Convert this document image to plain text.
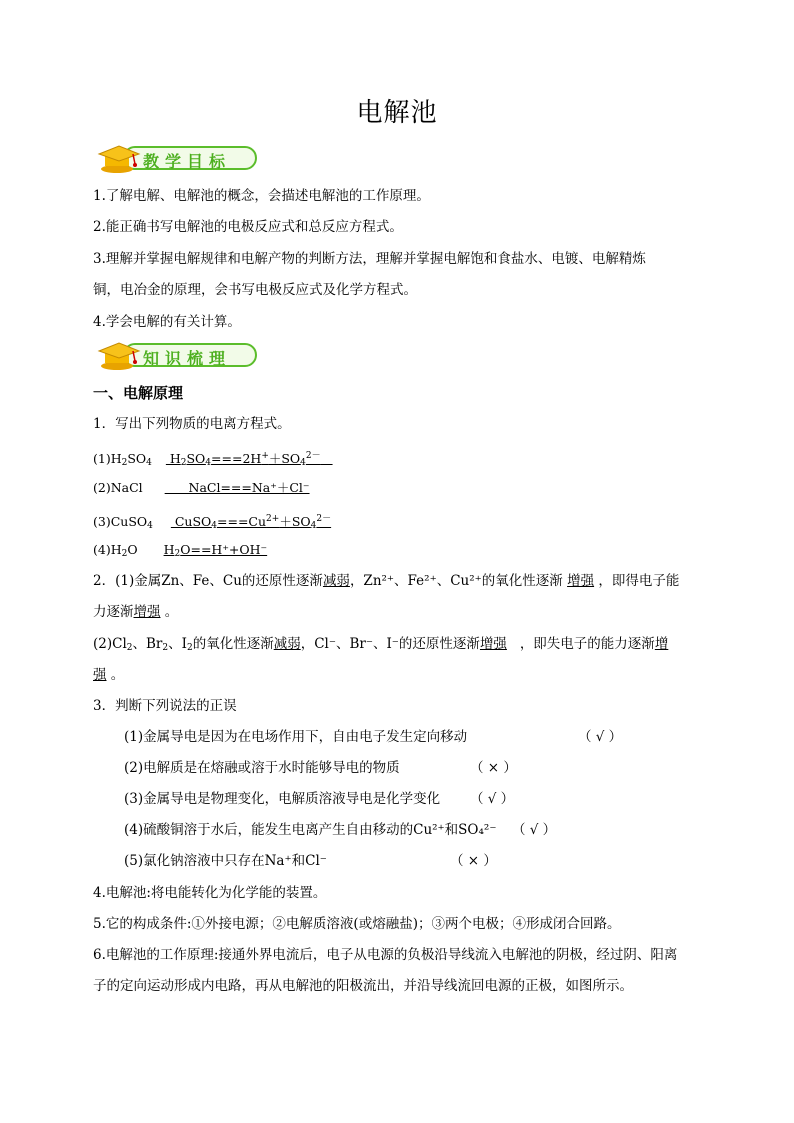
电解池
教学目标
1.了解电解、电解池的概念，会描述电解池的工作原理。
2.能正确书写电解池的电极反应式和总反应方程式。
3.理解并掌握电解规律和电解产物的判断方法，理解并掌握电解饱和食盐水、电镀、电解精炼
铜，电冶金的原理，会书写电极反应式及化学方程式。
4.学会电解的有关计算。
知识梳理
一、电解原理
1．写出下列物质的电离方程式。
$(1)H_2SO_4$  $H_2SO_4===2H^++SO_4^{2-}$
(2)NaCl	NaCl===Na⁺＋Cl⁻
(3)CuSO$_4$  $CuSO_4===Cu^{2+}+SO_4^{2-}$
$(4)H_2O$ $H_2O==H^++OH^-$
2．(1)金属Zn、Fe、Cu的还原性逐渐减弱，Zn²⁺、Fe²⁺、Cu²⁺的氧化性逐渐 增强 ，即得电子能
力逐渐增强 。
$(2)Cl_2$、$Br_2$、$I_2$的氧化性逐渐减弱，Cl⁻、Br⁻、I⁻的还原性逐渐增强 ，即失电子的能力逐渐增
强 。
3．判断下列说法的正误
(1)金属导电是因为在电场作用下，自由电子发生定向移动	（ √ ）
(2)电解质是在熔融或溶于水时能够导电的物质	（ × ）
(3)金属导电是物理变化，电解质溶液导电是化学变化 （ √ ）
(4)硫酸铜溶于水后，能发生电离产生自由移动的Cu²⁺和SO₄²⁻ （ √ ）
(5)氯化钠溶液中只存在Na⁺和Cl⁻	（ × ）
4.电解池:将电能转化为化学能的装置。
5.它的构成条件:①外接电源；②电解质溶液(或熔融盐)；③两个电极；④形成闭合回路。
6.电解池的工作原理:接通外界电流后，电子从电源的负极沿导线流入电解池的阴极，经过阴、阳离
子的定向运动形成内电路，再从电解池的阳极流出，并沿导线流回电源的正极，如图所示。
